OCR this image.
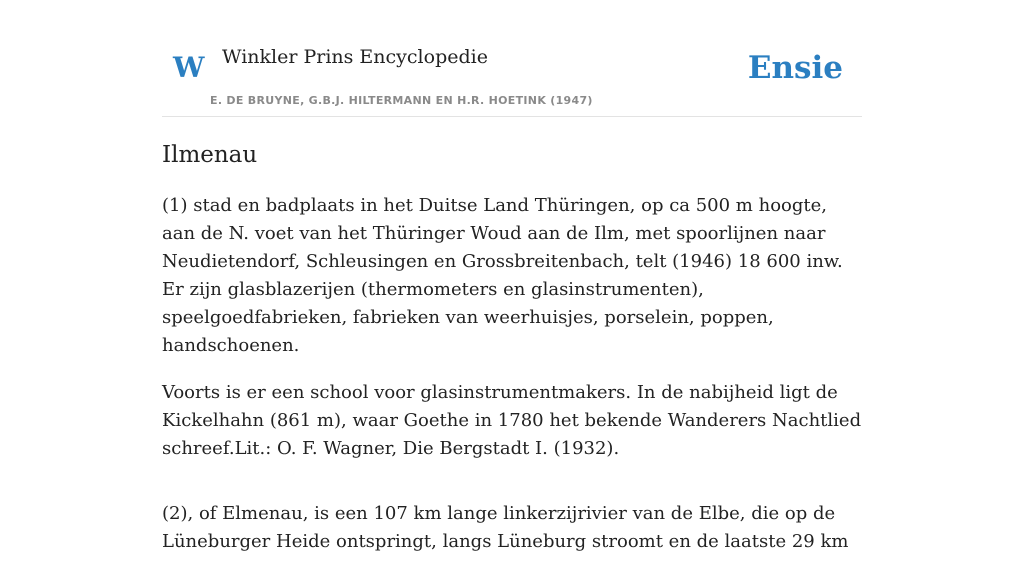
W Winkler Prins Encyclopedie
E. DE BRUYNE, G.B.J. HILTERMANN EN H.R. HOETINK (1947)
Ensie
Ilmenau

(1) stad en badplaats in het Duitse Land Thüringen, op ca 500 m hoogte, aan de N. voet van het Thüringer Woud aan de Ilm, met spoorlijnen naar Neudietendorf, Schleusingen en Grossbreitenbach, telt (1946) 18 600 inw. Er zijn glasblazerijen (thermometers en glasinstrumenten), speelgoedfabrieken, fabrieken van weerhuisjes, porselein, poppen, handschoenen.

Voorts is er een school voor glasinstrumentmakers. In de nabijheid ligt de Kickelhahn (861 m), waar Goethe in 1780 het bekende Wanderers Nachtlied schreef.Lit.: O. F. Wagner, Die Bergstadt I. (1932).

(2), of Elmenau, is een 107 km lange linkerzijrivier van de Elbe, die op de Lüneburger Heide ontspringt, langs Lüneburg stroomt en de laatste 29 km
